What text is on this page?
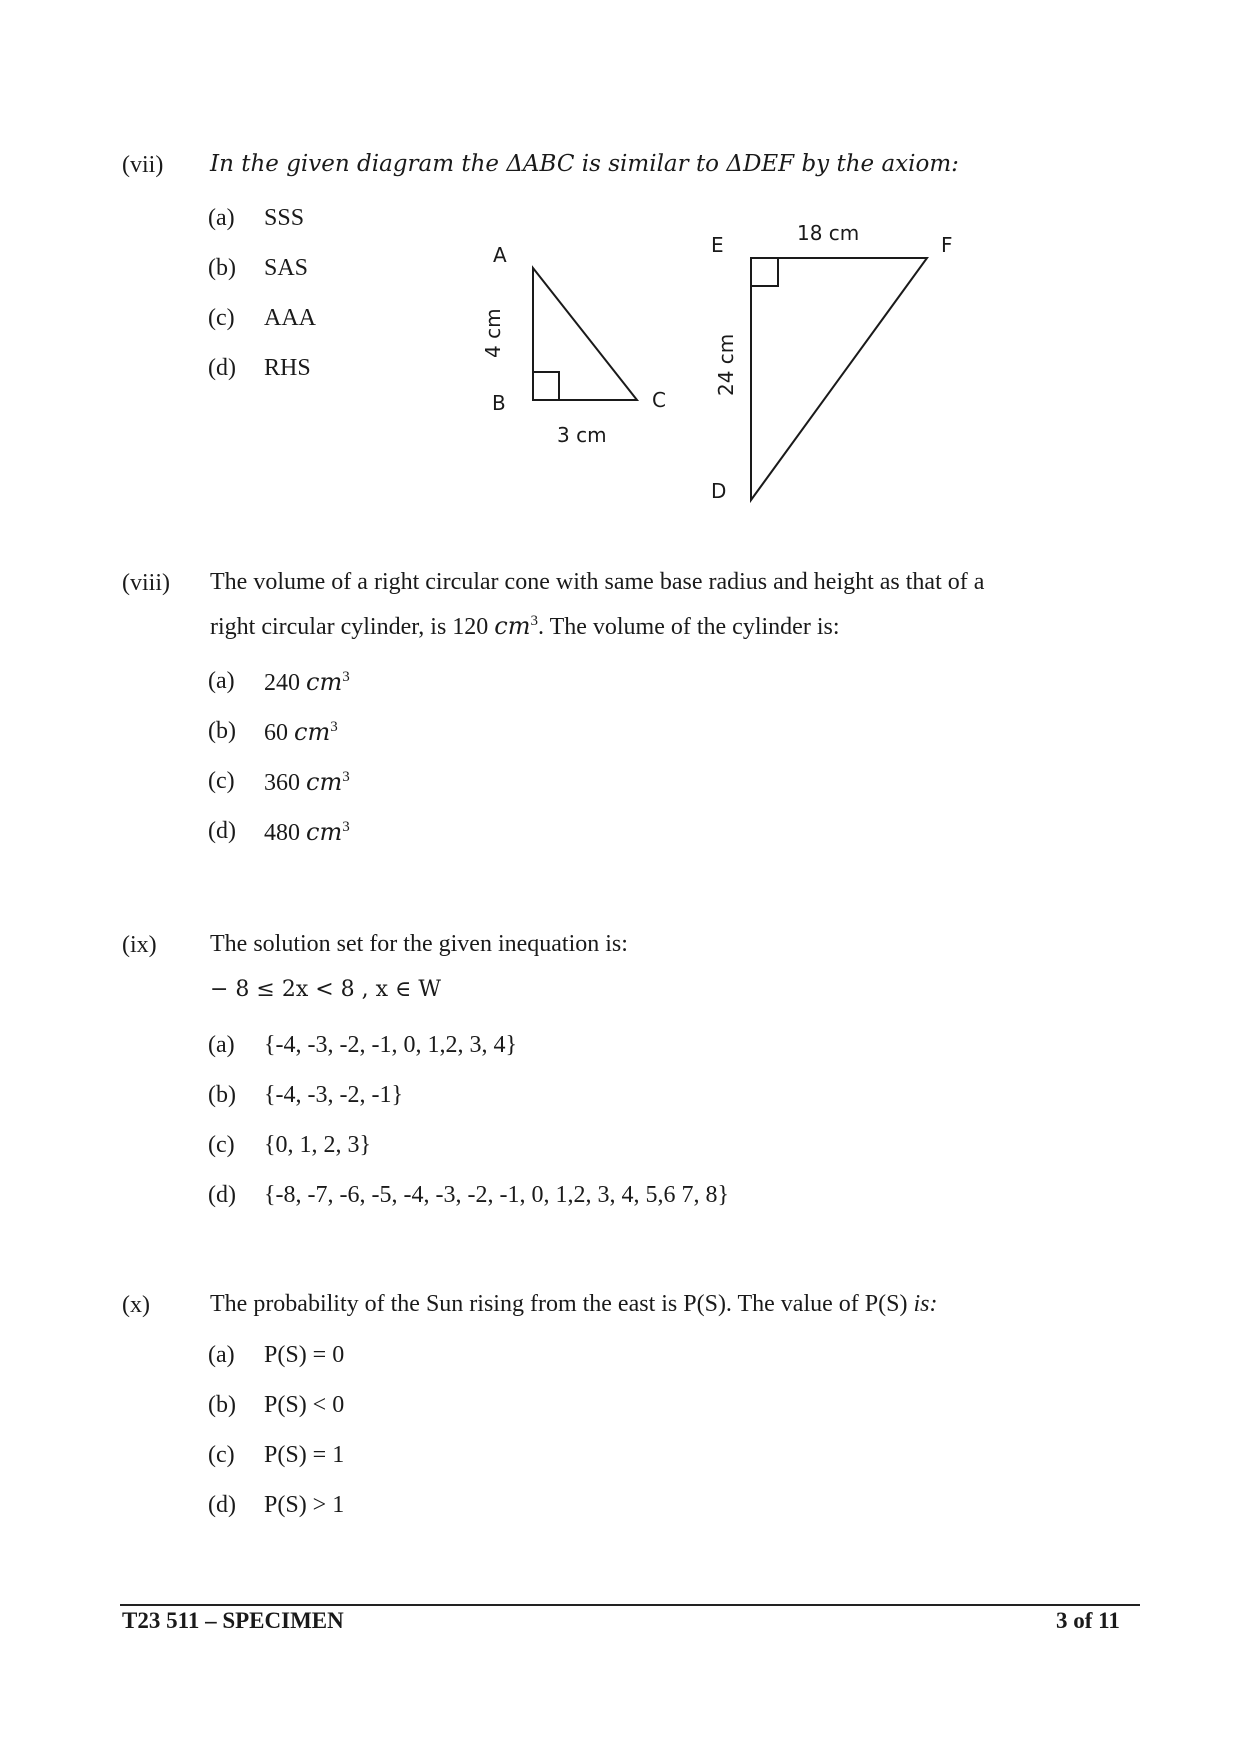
(vii) In the given diagram the ΔABC is similar to ΔDEF by the axiom:
(a) SSS
(b) SAS
(c) AAA
(d) RHS
A
B	C
4 cm
3 cm
E	F
D
24 cm
18 cm
(viii) The volume of a right circular cone with same base radius and height as that of a
right circular cylinder, is 120 $cm^3$. The volume of the cylinder is:
(a) 240 $cm^3$
(b) 60 $cm^3$
(c) 360 $cm^3$
(d) 480 $cm^3$
(ix) The solution set for the given inequation is:
− 8 ≤ 2x < 8 , x ∈ W
(a) {-4, -3, -2, -1, 0, 1,2, 3, 4}
(b) {-4, -3, -2, -1}
(c) {0, 1, 2, 3}
(d) {-8, -7, -6, -5, -4, -3, -2, -1, 0, 1,2, 3, 4, 5,6 7, 8}
(x)	The probability of the Sun rising from the east is P(S). The value of P(S) is:
(a) P(S) = 0
(b) P(S) < 0
(c) P(S) = 1
(d) P(S) > 1
T23 511 – SPECIMEN	3 of 11
